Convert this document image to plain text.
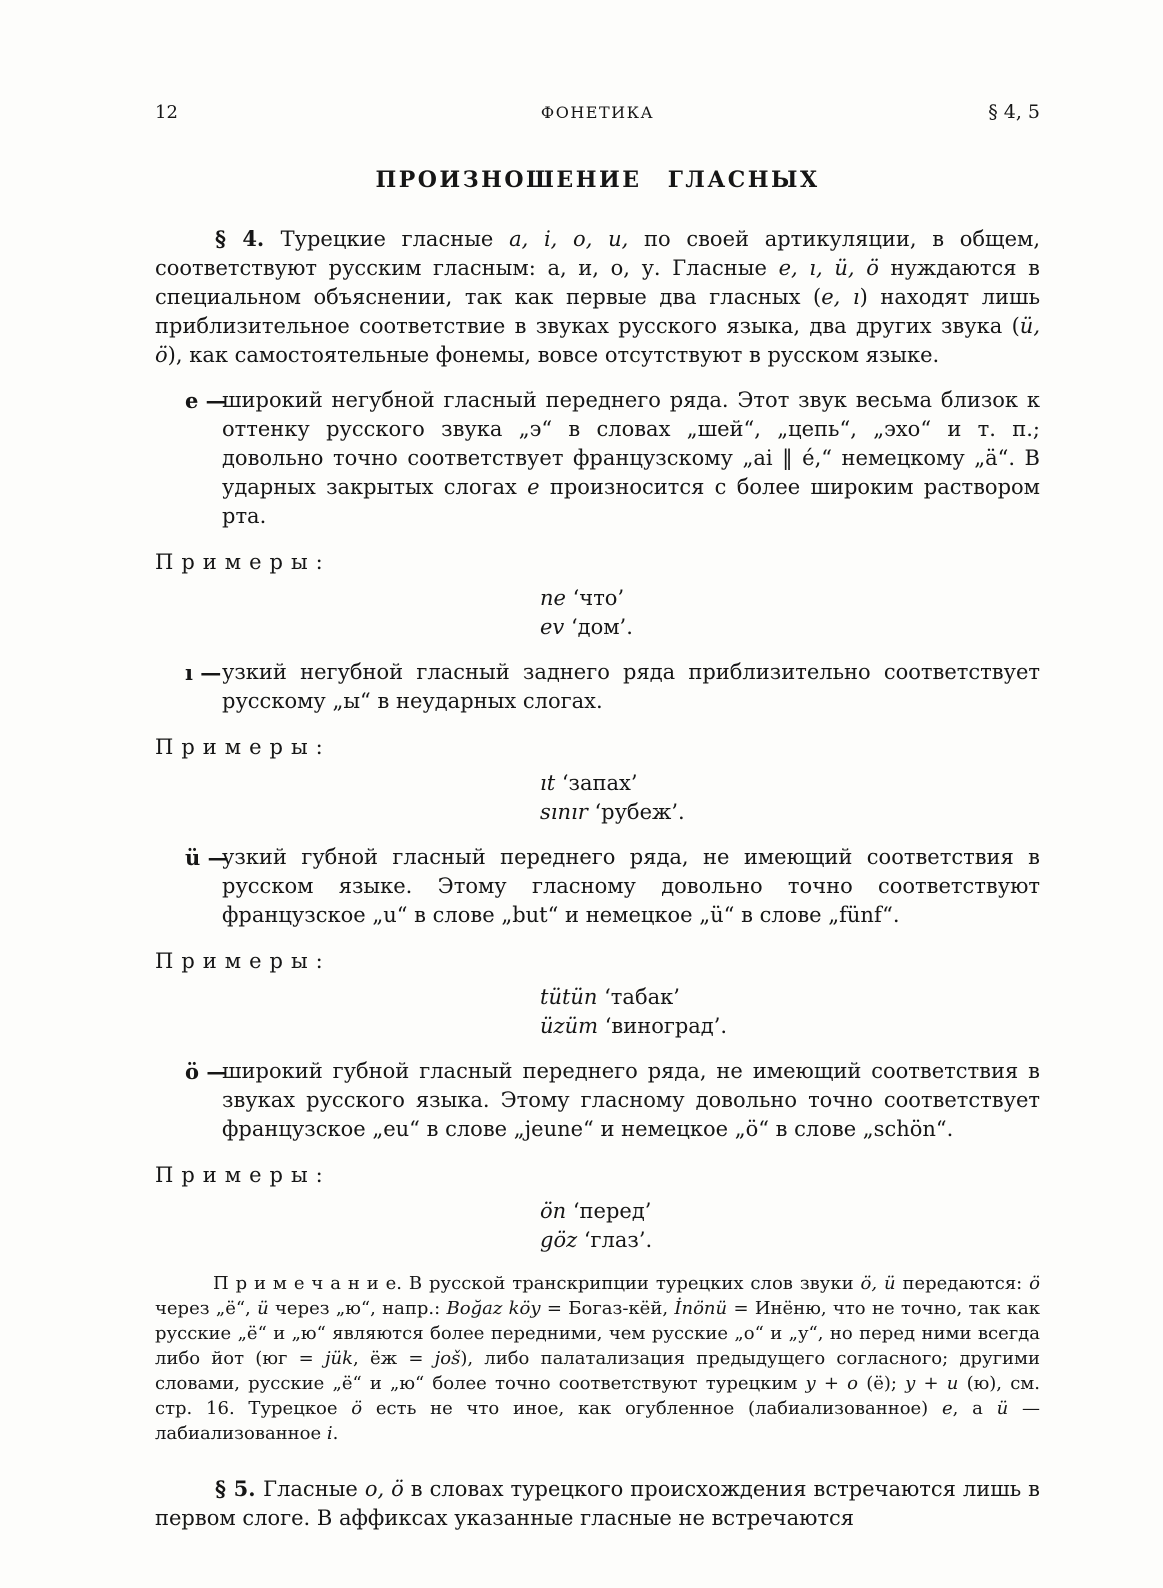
12	ФОНЕТИКА	§ 4, 5
ПРОИЗНОШЕНИЕ ГЛАСНЫХ

§ 4. Турецкие гласные a, i, o, u, по своей артикуляции, в общем, соответствуют русским гласным: а, и, о, у. Гласные e, ı, ü, ö нуждаются в специальном объяснении, так как первые два гласных (e, ı) находят лишь приблизительное соответствие в звуках русского языка, два других звука (ü, ö), как самостоятельные фонемы, вовсе отсутствуют в русском языке.

e —
широкий негубной гласный переднего ряда. Этот звук весьма близок к оттенку русского звука „э“ в словах „шей“, „цепь“, „эхо“ и т. п.; довольно точно соответствует французскому „ai ‖ é,“ немецкому „ä“. В ударных закрытых слогах e произносится с более широким раствором рта.

Примеры:

ne ‘что’
ev ‘дом’.
ı — узкий негубной гласный заднего ряда приблизительно соответствует русскому „ы“ в неударных слогах.

Примеры:

ıt ‘запах’
sınır ‘рубеж’.
ü —
узкий губной гласный переднего ряда, не имеющий соответствия в русском языке. Этому гласному довольно точно соответствуют французское „u“ в слове „but“ и немецкое „ü“ в слове „fünf“.

Примеры:

tütün ‘табак’
üzüm ‘виноград’.
ö —
широкий губной гласный переднего ряда, не имеющий соответствия в звуках русского языка. Этому гласному довольно точно соответствует французское „eu“ в слове „jeune“ и немецкое „ö“ в слове „schön“.

Примеры:

ön ‘перед’
göz ‘глаз’.

П р и м е ч а н и е. В русской транскрипции турецких слов звуки ö, ü передаются: ö через „ё“, ü через „ю“, напр.: Boğaz köy = Богаз-кёй, İnönü = Инёню, что не точно, так как русские „ё“ и „ю“ являются более передними, чем русские „о“ и „у“, но перед ними всегда либо йот (юг = jük, ёж = još), либо палатализация предыдущего согласного; другими словами, русские „ё“ и „ю“ более точно соответствуют турецким y + o (ё); y + u (ю), см. стр. 16. Турецкое ö есть не что иное, как огубленное (лабиализованное) e, а ü — лабиализованное i.

§ 5. Гласные o, ö в словах турецкого происхождения встречаются лишь в первом слоге. В аффиксах указанные гласные не встречаются
